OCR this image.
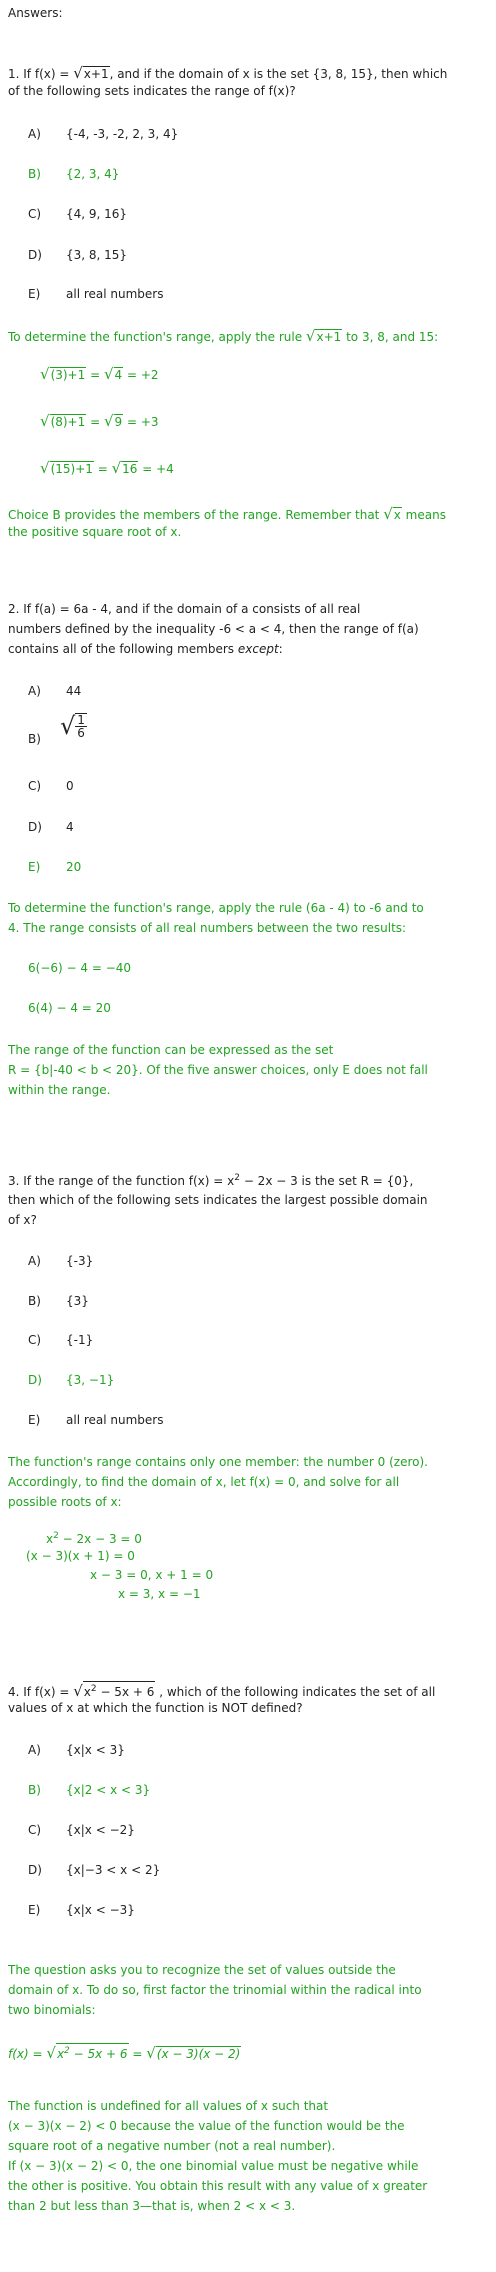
Answers:
1. If f(x) = √x+1, and if the domain of x is the set {3, 8, 15}, then which
of the following sets indicates the range of f(x)?
A) {-4, -3, -2, 2, 3, 4}
B) {2, 3, 4}
C) {4, 9, 16}
D) {3, 8, 15}
E) all real numbers
To determine the function's range, apply the rule √x+1 to 3, 8, and 15:
√(3)+1 = √4 = +2
√(8)+1 = √9 = +3
√(15)+1 = √16 = +4
Choice B provides the members of the range. Remember that √x means
the positive square root of x.
2. If f(a) = 6a - 4, and if the domain of a consists of all real
numbers defined by the inequality -6 < a < 4, then the range of f(a)
contains all of the following members except:
A) 44
B) √ $\frac{1}{6}$
C) 0
D) 4
E) 20
To determine the function's range, apply the rule (6a - 4) to -6 and to
4. The range consists of all real numbers between the two results:
6(−6) − 4 = −40
6(4) − 4 = 20
The range of the function can be expressed as the set
R = {b|-40 < b < 20}. Of the five answer choices, only E does not fall
within the range.
3. If the range of the function $f(x) = x^2 - 2x - 3$ is the set R = {0},
then which of the following sets indicates the largest possible domain
of x?
A) {-3}
B) {3}
C) {-1}
D) {3, −1}
E) all real numbers
The function's range contains only one member: the number 0 (zero).
Accordingly, to find the domain of x, let f(x) = 0, and solve for all
possible roots of x:
$x^2 - 2x - 3 = 0$
(x − 3)(x + 1) = 0
x − 3 = 0, x + 1 = 0
x = 3, x = −1
4. If $f(x) = √x^2 - 5x + 6$ , which of the following indicates the set of all
values of x at which the function is NOT defined?
A) {x|x < 3}
B) {x|2 < x < 3}
C) {x|x < −2}
D) {x|−3 < x < 2}
E) {x|x < −3}
The question asks you to recognize the set of values outside the
domain of x. To do so, first factor the trinomial within the radical into
two binomials:
$f(x) = √x^2 - 5x + 6 = √(x - 3)(x - 2)$
The function is undefined for all values of x such that
(x − 3)(x − 2) < 0 because the value of the function would be the
square root of a negative number (not a real number).
If (x − 3)(x − 2) < 0, the one binomial value must be negative while
the other is positive. You obtain this result with any value of x greater
than 2 but less than 3—that is, when 2 < x < 3.
